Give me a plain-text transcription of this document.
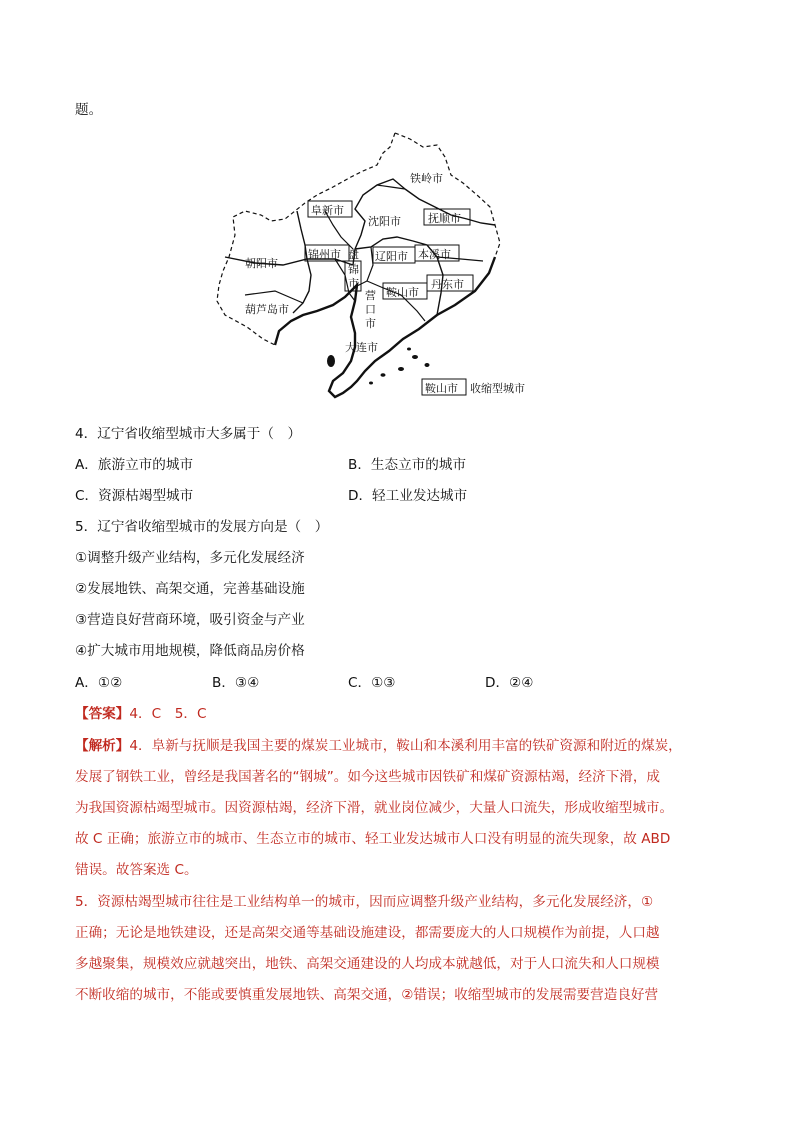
题。
铁岭市
阜新市
沈阳市 抚顺市
朝阳市
锦州市 盘
锦
市
辽阳市 本溪市
丹东市
鞍山市
葫芦岛市
营
口
市
大连市
鞍山市 收缩型城市
4．辽宁省收缩型城市大多属于（　）
A．旅游立市的城市	B．生态立市的城市
C．资源枯竭型城市	D．轻工业发达城市
5．辽宁省收缩型城市的发展方向是（　）
①调整升级产业结构，多元化发展经济
②发展地铁、高架交通，完善基础设施
③营造良好营商环境，吸引资金与产业
④扩大城市用地规模，降低商品房价格
A．①②	B．③④	C．①③	D．②④
【答案】4．C　5．C
【解析】4．阜新与抚顺是我国主要的煤炭工业城市，鞍山和本溪利用丰富的铁矿资源和附近的煤炭，
发展了钢铁工业，曾经是我国著名的“钢城”。如今这些城市因铁矿和煤矿资源枯竭，经济下滑，成
为我国资源枯竭型城市。因资源枯竭，经济下滑，就业岗位减少，大量人口流失，形成收缩型城市。
故 C 正确；旅游立市的城市、生态立市的城市、轻工业发达城市人口没有明显的流失现象，故 ABD
错误。故答案选 C。
5．资源枯竭型城市往往是工业结构单一的城市，因而应调整升级产业结构，多元化发展经济，①
正确；无论是地铁建设，还是高架交通等基础设施建设，都需要庞大的人口规模作为前提，人口越
多越聚集，规模效应就越突出，地铁、高架交通建设的人均成本就越低，对于人口流失和人口规模
不断收缩的城市，不能或要慎重发展地铁、高架交通，②错误；收缩型城市的发展需要营造良好营
